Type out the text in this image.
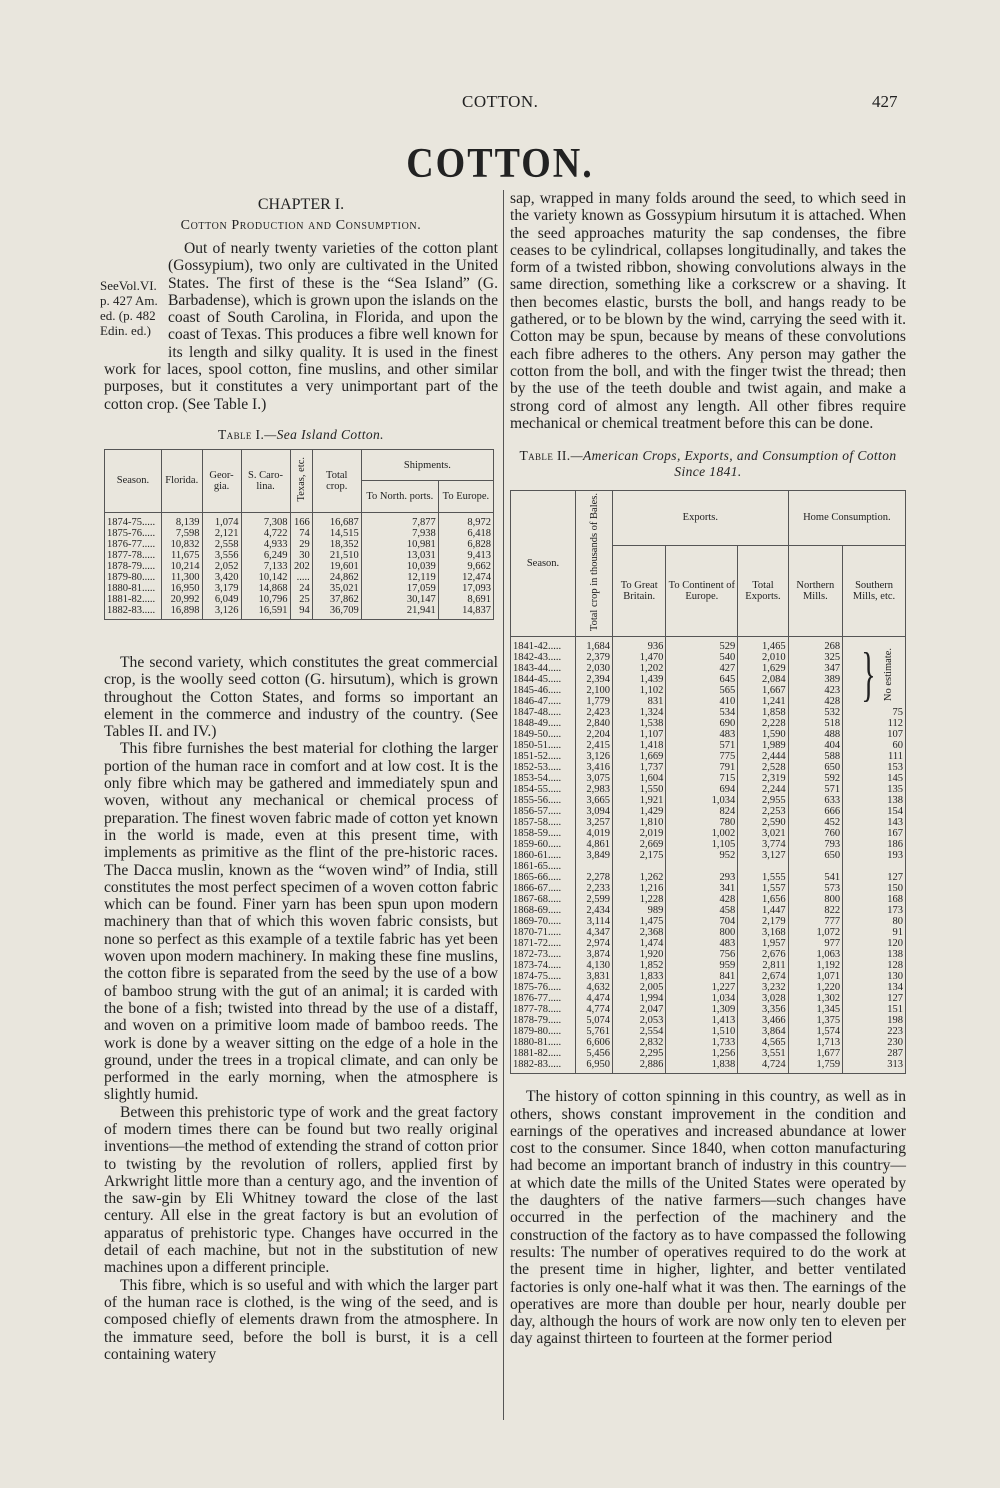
COTTON.	427
COTTON.
CHAPTER I.
Cotton Production and Consumption.
SeeVol.VI.
p. 427 Am.
ed. (p. 482
Edin. ed.)

Out of nearly twenty varieties of the cotton plant (Gossypium), two only are cultivated in the United States. The first of these is the “Sea Island” (G. Barbadense), which is grown upon the islands on the coast of South Carolina, in Florida, and upon the coast of Texas. This produces a fibre well known for its length and silky quality. It is used in the finest work for laces, spool cotton, fine muslins, and other similar purposes, but it constitutes a very unimportant part of the cotton crop. (See Table I.)

Table I.—Sea Island Cotton.
Season.	Florida.	Geor-gia.	S. Caro-lina.	Texas, etc.	Total crop.	Shipments.	
						To North. ports.	To Europe.
1874-75.....	8,139	1,074	7,308	166	16,687	7,877	8,972
1875-76.....	7,598	2,121	4,722	74	14,515	7,938	6,418
1876-77.....	10,832	2,558	4,933	29	18,352	10,981	6,828
1877-78.....	11,675	3,556	6,249	30	21,510	13,031	9,413
1878-79.....	10,214	2,052	7,133	202	19,601	10,039	9,662
1879-80.....	11,300	3,420	10,142	.....	24,862	12,119	12,474
1880-81.....	16,950	3,179	14,868	24	35,021	17,059	17,093
1881-82.....	20,992	6,049	10,796	25	37,862	30,147	8,691
1882-83.....	16,898	3,126	16,591	94	36,709	21,941	14,837

The second variety, which constitutes the great commercial crop, is the woolly seed cotton (G. hirsutum), which is grown throughout the Cotton States, and forms so important an element in the commerce and industry of the country. (See Tables II. and IV.)

This fibre furnishes the best material for clothing the larger portion of the human race in comfort and at low cost. It is the only fibre which may be gathered and immediately spun and woven, without any mechanical or chemical process of preparation. The finest woven fabric made of cotton yet known in the world is made, even at this present time, with implements as primitive as the flint of the pre-historic races. The Dacca muslin, known as the “woven wind” of India, still constitutes the most perfect specimen of a woven cotton fabric which can be found. Finer yarn has been spun upon modern machinery than that of which this woven fabric consists, but none so perfect as this example of a textile fabric has yet been woven upon modern machinery. In making these fine muslins, the cotton fibre is separated from the seed by the use of a bow of bamboo strung with the gut of an animal; it is carded with the bone of a fish; twisted into thread by the use of a distaff, and woven on a primitive loom made of bamboo reeds. The work is done by a weaver sitting on the edge of a hole in the ground, under the trees in a tropical climate, and can only be performed in the early morning, when the atmosphere is slightly humid.

Between this prehistoric type of work and the great factory of modern times there can be found but two really original inventions—the method of extending the strand of cotton prior to twisting by the revolution of rollers, applied first by Arkwright little more than a century ago, and the invention of the saw-gin by Eli Whitney toward the close of the last century. All else in the great factory is but an evolution of apparatus of prehistoric type. Changes have occurred in the detail of each machine, but not in the substitution of new machines upon a different principle.

This fibre, which is so useful and with which the larger part of the human race is clothed, is the wing of the seed, and is composed chiefly of elements drawn from the atmosphere. In the immature seed, before the boll is burst, it is a cell containing watery

sap, wrapped in many folds around the seed, to which seed in the variety known as Gossypium hirsutum it is attached. When the seed approaches maturity the sap condenses, the fibre ceases to be cylindrical, collapses longitudinally, and takes the form of a twisted ribbon, showing convolutions always in the same direction, something like a corkscrew or a shaving. It then becomes elastic, bursts the boll, and hangs ready to be gathered, or to be blown by the wind, carrying the seed with it. Cotton may be spun, because by means of these convolutions each fibre adheres to the others. Any person may gather the cotton from the boll, and with the finger twist the thread; then by the use of the teeth double and twist again, and make a strong cord of almost any length. All other fibres require mechanical or chemical treatment before this can be done.

Table II.—American Crops, Exports, and Consumption of Cotton Since 1841.
Season.	Total crop in thousands of Bales.	Exports.			Home Consumption.	
		To Great Britain.	To Continent of Europe.	Total Exports.	Northern Mills.	Southern Mills, etc.
1841-42.....	1,684	936	529	1,465	268	} No estimate.

1842-43.....	2,379	1,470	540	2,010	325	
1843-44.....	2,030	1,202	427	1,629	347	
1844-45.....	2,394	1,439	645	2,084	389	
1845-46.....	2,100	1,102	565	1,667	423	
1846-47.....	1,779	831	410	1,241	428	
1847-48.....	2,423	1,324	534	1,858	532	75
1848-49.....	2,840	1,538	690	2,228	518	112
1849-50.....	2,204	1,107	483	1,590	488	107
1850-51.....	2,415	1,418	571	1,989	404	60
1851-52.....	3,126	1,669	775	2,444	588	111
1852-53.....	3,416	1,737	791	2,528	650	153
1853-54.....	3,075	1,604	715	2,319	592	145
1854-55.....	2,983	1,550	694	2,244	571	135
1855-56.....	3,665	1,921	1,034	2,955	633	138
1856-57.....	3,094	1,429	824	2,253	666	154
1857-58.....	3,257	1,810	780	2,590	452	143
1858-59.....	4,019	2,019	1,002	3,021	760	167
1859-60.....	4,861	2,669	1,105	3,774	793	186
1860-61.....	3,849	2,175	952	3,127	650	193
1861-65.....						
1865-66.....	2,278	1,262	293	1,555	541	127
1866-67.....	2,233	1,216	341	1,557	573	150
1867-68.....	2,599	1,228	428	1,656	800	168
1868-69.....	2,434	989	458	1,447	822	173
1869-70.....	3,114	1,475	704	2,179	777	80
1870-71.....	4,347	2,368	800	3,168	1,072	91
1871-72.....	2,974	1,474	483	1,957	977	120
1872-73.....	3,874	1,920	756	2,676	1,063	138
1873-74.....	4,130	1,852	959	2,811	1,192	128
1874-75.....	3,831	1,833	841	2,674	1,071	130
1875-76.....	4,632	2,005	1,227	3,232	1,220	134
1876-77.....	4,474	1,994	1,034	3,028	1,302	127
1877-78.....	4,774	2,047	1,309	3,356	1,345	151
1878-79.....	5,074	2,053	1,413	3,466	1,375	198
1879-80.....	5,761	2,554	1,510	3,864	1,574	223
1880-81.....	6,606	2,832	1,733	4,565	1,713	230
1881-82.....	5,456	2,295	1,256	3,551	1,677	287
1882-83.....	6,950	2,886	1,838	4,724	1,759	313

The history of cotton spinning in this country, as well as in others, shows constant improvement in the condition and earnings of the operatives and increased abundance at lower cost to the consumer. Since 1840, when cotton manufacturing had become an important branch of industry in this country—at which date the mills of the United States were operated by the daughters of the native farmers—such changes have occurred in the perfection of the machinery and the construction of the factory as to have compassed the following results: The number of operatives required to do the work at the present time in higher, lighter, and better ventilated factories is only one-half what it was then. The earnings of the operatives are more than double per hour, nearly double per day, although the hours of work are now only ten to eleven per day against thirteen to fourteen at the former period
